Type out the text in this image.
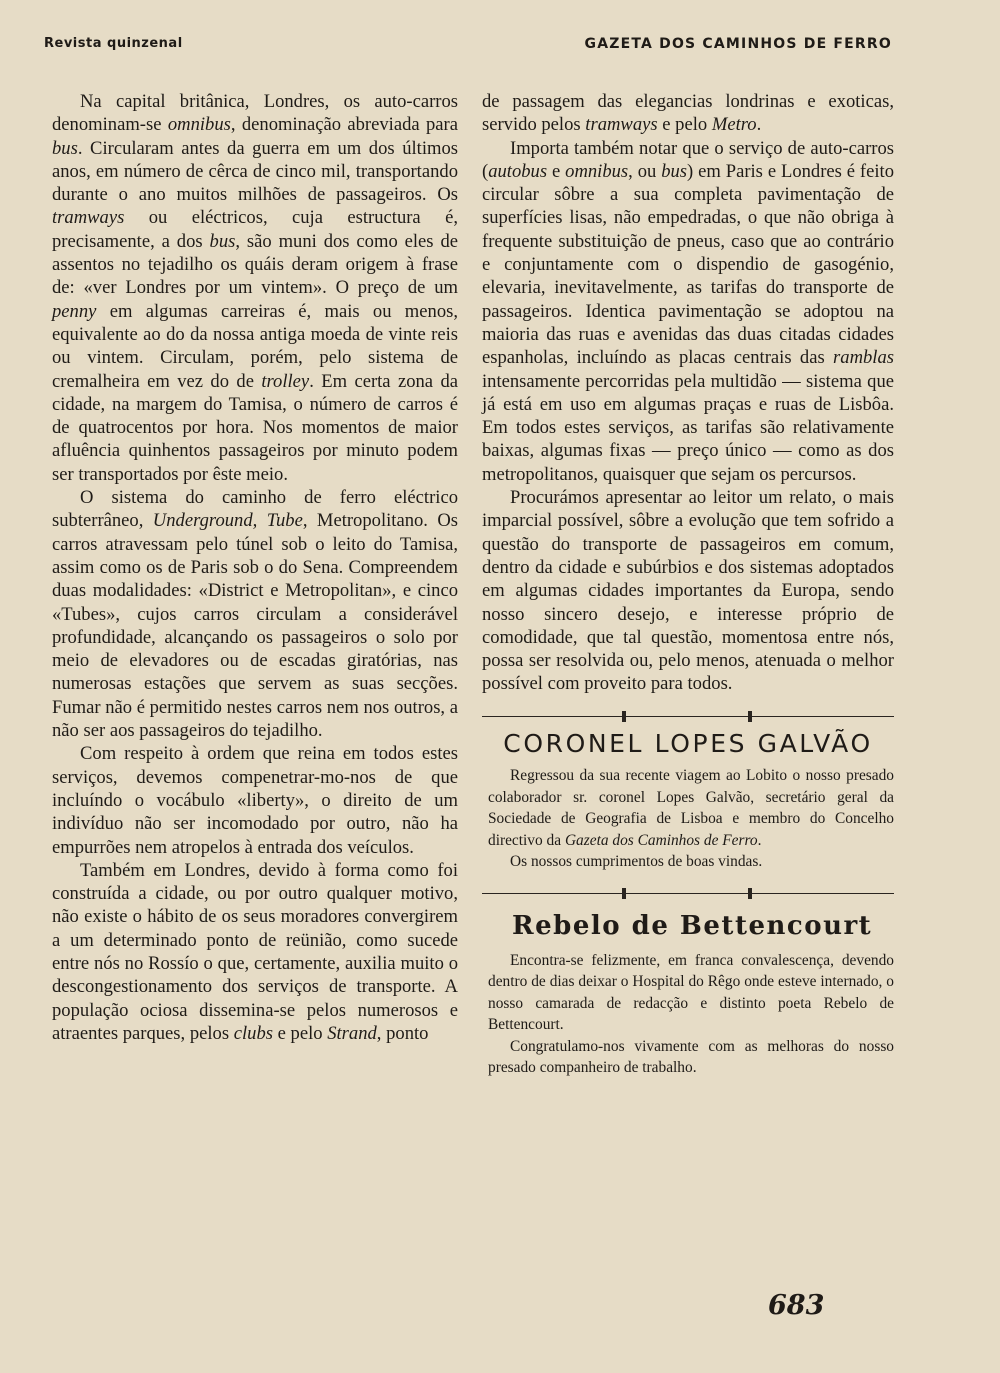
Revista quinzenal	GAZETA DOS CAMINHOS DE FERRO

Na capital britânica, Londres, os auto-carros denominam-se omnibus, denominação abreviada para bus. Circularam antes da guerra em um dos últimos anos, em número de cêrca de cinco mil, transportando durante o ano muitos milhões de passageiros. Os tramways ou eléctricos, cuja estructura é, precisamente, a dos bus, são muni dos como eles de assentos no tejadilho os quáis deram origem à frase de: «ver Londres por um vintem». O preço de um penny em algumas carreiras é, mais ou menos, equivalente ao do da nossa antiga moeda de vinte reis ou vintem. Circulam, porém, pelo sistema de cremalheira em vez do de trolley. Em certa zona da cidade, na margem do Tamisa, o número de carros é de quatrocentos por hora. Nos momentos de maior afluência quinhentos passageiros por minuto podem ser transportados por êste meio.

O sistema do caminho de ferro eléctrico subterrâneo, Underground, Tube, Metropolitano. Os carros atravessam pelo túnel sob o leito do Tamisa, assim como os de Paris sob o do Sena. Compreendem duas modalidades: «District e Metropolitan», e cinco «Tubes», cujos carros circulam a considerável profundidade, alcançando os passageiros o solo por meio de elevadores ou de escadas giratórias, nas numerosas estações que servem as suas secções. Fumar não é permitido nestes carros nem nos outros, a não ser aos passageiros do tejadilho.

Com respeito à ordem que reina em todos estes serviços, devemos compenetrar-mo-nos de que incluíndo o vocábulo «liberty», o direito de um indivíduo não ser incomodado por outro, não ha empurrões nem atropelos à entrada dos veículos.

Também em Londres, devido à forma como foi construída a cidade, ou por outro qualquer motivo, não existe o hábito de os seus moradores convergirem a um determinado ponto de reünião, como sucede entre nós no Rossío o que, certamente, auxilia muito o descongestionamento dos serviços de transporte. A população ociosa dissemina-se pelos numerosos e atraentes parques, pelos clubs e pelo Strand, ponto

de passagem das elegancias londrinas e exoticas, servido pelos tramways e pelo Metro.

Importa também notar que o serviço de auto-carros (autobus e omnibus, ou bus) em Paris e Londres é feito circular sôbre a sua completa pavimentação de superfícies lisas, não empedradas, o que não obriga à frequente substituição de pneus, caso que ao contrário e conjuntamente com o dispendio de gasogénio, elevaria, inevitavelmente, as tarifas do transporte de passageiros. Identica pavimentação se adoptou na maioria das ruas e avenidas das duas citadas cidades espanholas, incluíndo as placas centrais das ramblas intensamente percorridas pela multidão — sistema que já está em uso em algumas praças e ruas de Lisbôa. Em todos estes serviços, as tarifas são relativamente baixas, algumas fixas — preço único — como as dos metropolitanos, quaisquer que sejam os percursos.

Procurámos apresentar ao leitor um relato, o mais imparcial possível, sôbre a evolução que tem sofrido a questão do transporte de passageiros em comum, dentro da cidade e subúrbios e dos sistemas adoptados em algumas cidades importantes da Europa, sendo nosso sincero desejo, e interesse próprio de comodidade, que tal questão, momentosa entre nós, possa ser resolvida ou, pelo menos, atenuada o melhor possível com proveito para todos.

CORONEL LOPES GALVÃO

Regressou da sua recente viagem ao Lobito o nosso presado colaborador sr. coronel Lopes Galvão, secretário geral da Sociedade de Geografia de Lisboa e membro do Concelho directivo da Gazeta dos Caminhos de Ferro.

Os nossos cumprimentos de boas vindas.

Rebelo de Bettencourt

Encontra-se felizmente, em franca convalescença, devendo dentro de dias deixar o Hospital do Rêgo onde esteve internado, o nosso camarada de redacção e distinto poeta Rebelo de Bettencourt.

Congratulamo-nos vivamente com as melhoras do nosso presado companheiro de trabalho.

683
